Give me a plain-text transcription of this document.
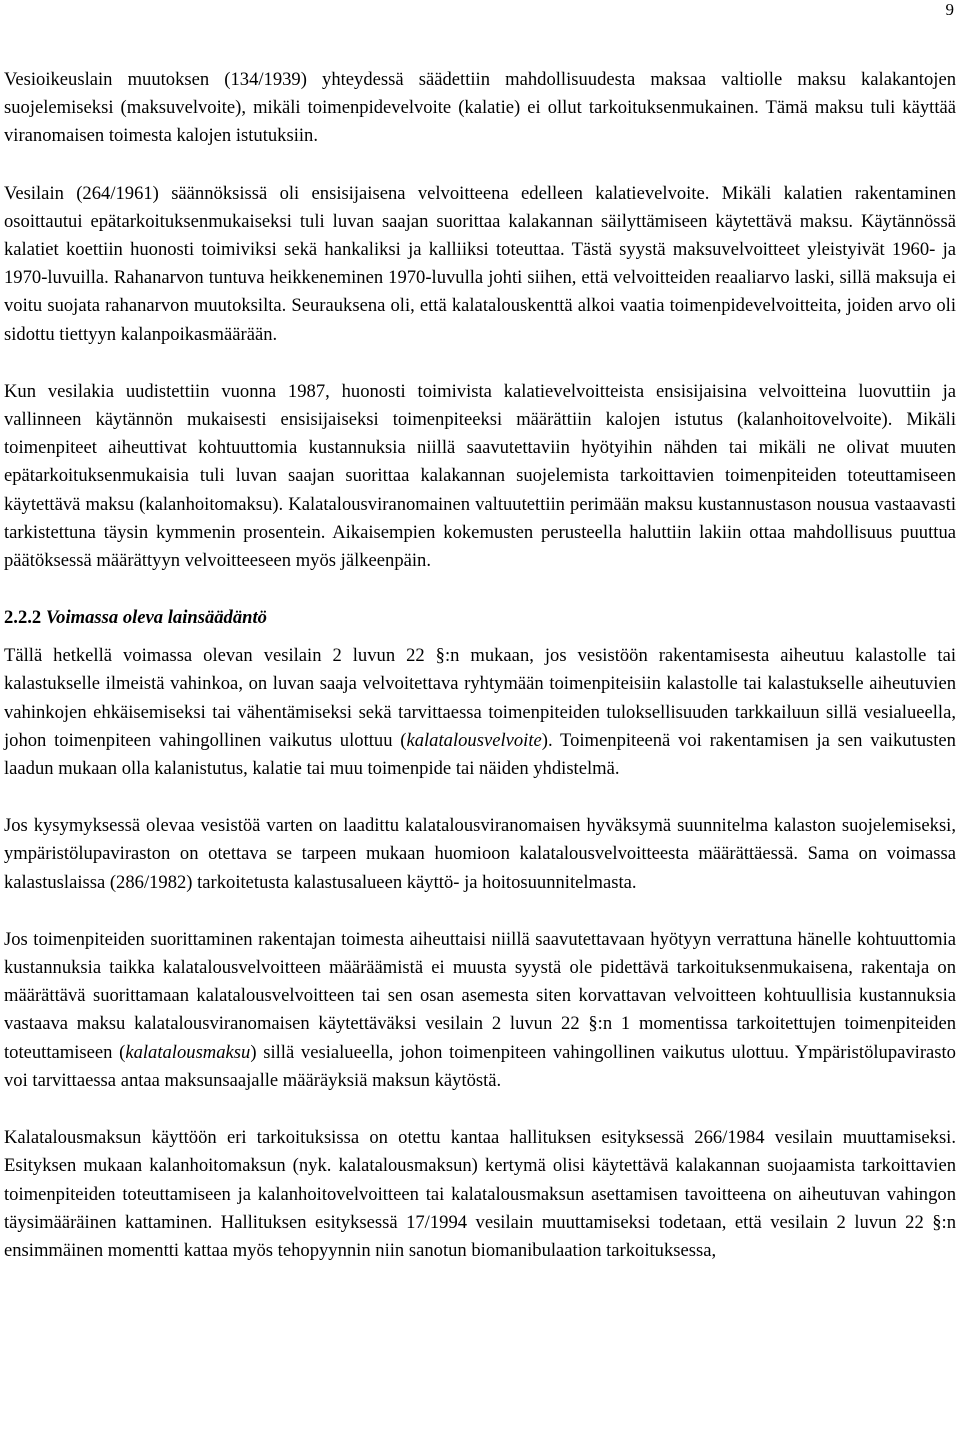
9

Vesioikeuslain muutoksen (134/1939) yhteydessä säädettiin mahdollisuudesta maksaa valtiolle maksu kalakantojen suojelemiseksi (maksuvelvoite), mikäli toimenpidevelvoite (kalatie) ei ollut tarkoituksenmukainen. Tämä maksu tuli käyttää viranomaisen toimesta kalojen istutuksiin.

Vesilain (264/1961) säännöksissä oli ensisijaisena velvoitteena edelleen kalatievelvoite. Mikäli kalatien rakentaminen osoittautui epätarkoituksenmukaiseksi tuli luvan saajan suorittaa kalakannan säilyttämiseen käytettävä maksu. Käytännössä kalatiet koettiin huonosti toimiviksi sekä hankaliksi ja kalliiksi toteuttaa. Tästä syystä maksuvelvoitteet yleistyivät 1960- ja 1970-luvuilla. Rahanarvon tuntuva heikkeneminen 1970-luvulla johti siihen, että velvoitteiden reaaliarvo laski, sillä maksuja ei voitu suojata rahanarvon muutoksilta. Seurauksena oli, että kalatalouskenttä alkoi vaatia toimenpidevelvoitteita, joiden arvo oli sidottu tiettyyn kalanpoikasmäärään.

Kun vesilakia uudistettiin vuonna 1987, huonosti toimivista kalatievelvoitteista ensisijaisina velvoitteina luovuttiin ja vallinneen käytännön mukaisesti ensisijaiseksi toimenpiteeksi määrättiin kalojen istutus (kalanhoitovelvoite). Mikäli toimenpiteet aiheuttivat kohtuuttomia kustannuksia niillä saavutettaviin hyötyihin nähden tai mikäli ne olivat muuten epätarkoituksenmukaisia tuli luvan saajan suorittaa kalakannan suojelemista tarkoittavien toimenpiteiden toteuttamiseen käytettävä maksu (kalanhoitomaksu). Kalatalousviranomainen valtuutettiin perimään maksu kustannustason nousua vastaavasti tarkistettuna täysin kymmenin prosentein. Aikaisempien kokemusten perusteella haluttiin lakiin ottaa mahdollisuus puuttua päätöksessä määrättyyn velvoitteeseen myös jälkeenpäin.

2.2.2 Voimassa oleva lainsäädäntö

Tällä hetkellä voimassa olevan vesilain 2 luvun 22 §:n mukaan, jos vesistöön rakentamisesta aiheutuu kalastolle tai kalastukselle ilmeistä vahinkoa, on luvan saaja velvoitettava ryhtymään toimenpiteisiin kalastolle tai kalastukselle aiheutuvien vahinkojen ehkäisemiseksi tai vähentämiseksi sekä tarvittaessa toimenpiteiden tuloksellisuuden tarkkailuun sillä vesialueella, johon toimenpiteen vahingollinen vaikutus ulottuu (kalatalousvelvoite). Toimenpiteenä voi rakentamisen ja sen vaikutusten laadun mukaan olla kalanistutus, kalatie tai muu toimenpide tai näiden yhdistelmä.

Jos kysymyksessä olevaa vesistöä varten on laadittu kalatalousviranomaisen hyväksymä suunnitelma kalaston suojelemiseksi, ympäristölupaviraston on otettava se tarpeen mukaan huomioon kalatalousvelvoitteesta määrättäessä. Sama on voimassa kalastuslaissa (286/1982) tarkoitetusta kalastusalueen käyttö- ja hoitosuunnitelmasta.

Jos toimenpiteiden suorittaminen rakentajan toimesta aiheuttaisi niillä saavutettavaan hyötyyn verrattuna hänelle kohtuuttomia kustannuksia taikka kalatalousvelvoitteen määräämistä ei muusta syystä ole pidettävä tarkoituksenmukaisena, rakentaja on määrättävä suorittamaan kalatalousvelvoitteen tai sen osan asemesta siten korvattavan velvoitteen kohtuullisia kustannuksia vastaava maksu kalatalousviranomaisen käytettäväksi vesilain 2 luvun 22 §:n 1 momentissa tarkoitettujen toimenpiteiden toteuttamiseen (kalatalousmaksu) sillä vesialueella, johon toimenpiteen vahingollinen vaikutus ulottuu. Ympäristölupavirasto voi tarvittaessa antaa maksunsaajalle määräyksiä maksun käytöstä.

Kalatalousmaksun käyttöön eri tarkoituksissa on otettu kantaa hallituksen esityksessä 266/1984 vesilain muuttamiseksi. Esityksen mukaan kalanhoitomaksun (nyk. kalatalousmaksun) kertymä olisi käytettävä kalakannan suojaamista tarkoittavien toimenpiteiden toteuttamiseen ja kalanhoitovelvoitteen tai kalatalousmaksun asettamisen tavoitteena on aiheutuvan vahingon täysimääräinen kattaminen. Hallituksen esityksessä 17/1994 vesilain muuttamiseksi todetaan, että vesilain 2 luvun 22 §:n ensimmäinen momentti kattaa myös tehopyynnin niin sanotun biomanibulaation tarkoituksessa,
